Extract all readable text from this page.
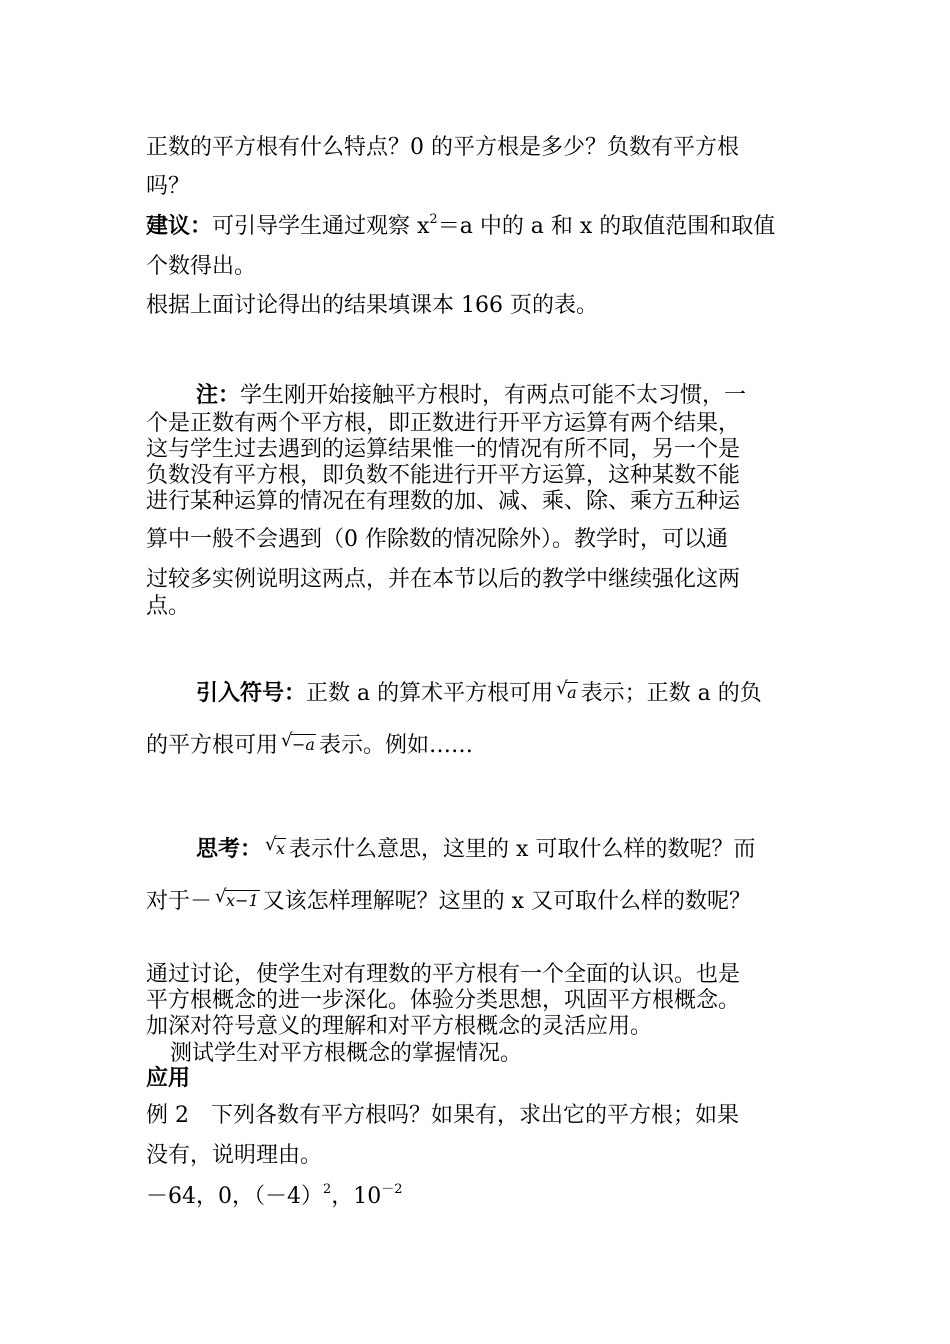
正数的平方根有什么特点？0 的平方根是多少？负数有平方根
吗？
建议：可引导学生通过观察 $x^2=a$ 中的 a 和 x 的取值范围和取值
个数得出。
根据上面讨论得出的结果填课本 166 页的表。
注：学生刚开始接触平方根时，有两点可能不太习惯，一
个是正数有两个平方根，即正数进行开平方运算有两个结果，
这与学生过去遇到的运算结果惟一的情况有所不同，另一个是
负数没有平方根，即负数不能进行开平方运算，这种某数不能
进行某种运算的情况在有理数的加、减、乘、除、乘方五种运
算中一般不会遇到（0 作除数的情况除外）。教学时，可以通
过较多实例说明这两点，并在本节以后的教学中继续强化这两
点。
引入符号：正数 a 的算术平方根可用 √ a 表示；正数 a 的负
的平方根可用 √ −a 表示。例如……
思考： √ x 表示什么意思，这里的 x 可取什么样的数呢？而
对于－ √ x−1 又该怎样理解呢？这里的 x 又可取什么样的数呢？
通过讨论，使学生对有理数的平方根有一个全面的认识。也是
平方根概念的进一步深化。体验分类思想，巩固平方根概念。
加深对符号意义的理解和对平方根概念的灵活应用。
测试学生对平方根概念的掌握情况。
应用
例 2　下列各数有平方根吗？如果有，求出它的平方根；如果
没有，说明理由。
－64，0，$(-4)^2$，$10^{-2}$
